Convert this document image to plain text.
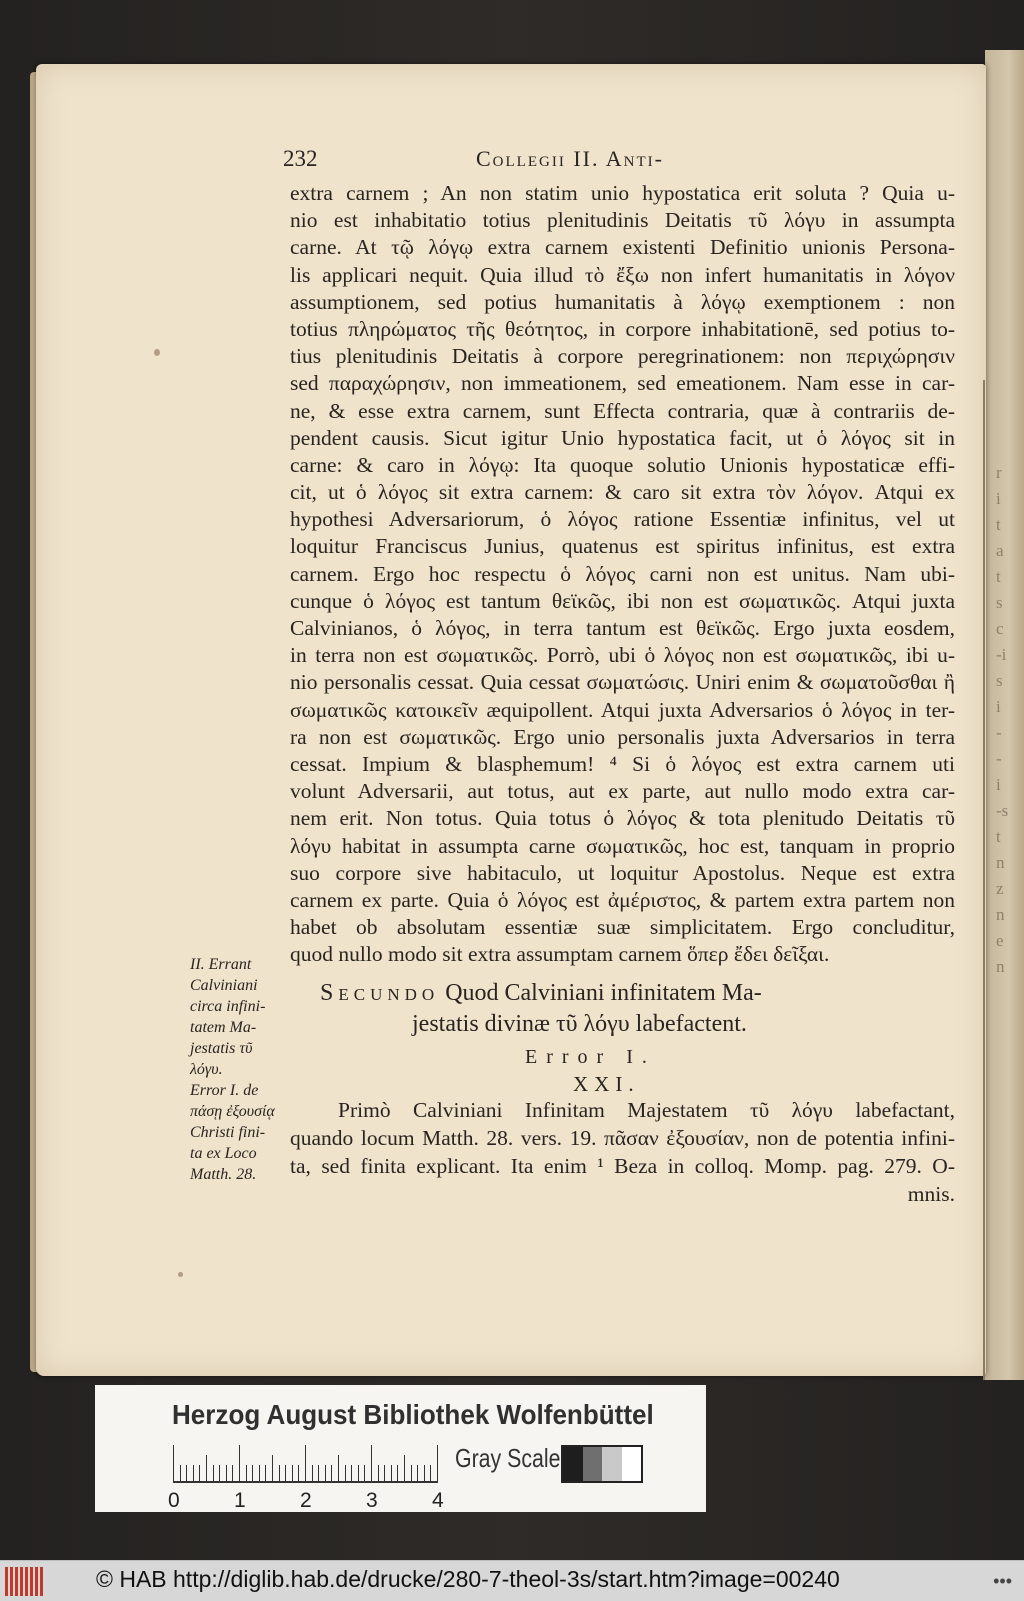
r
i
t
a
t
s
c
-i
s
i
-
-
i
-s
t
n
z
n
e
n
232	Collegii II. Anti-
extra carnem ; An non statim unio hypostatica erit soluta ? Quia u-
nio est inhabitatio totius plenitudinis Deitatis τῦ λόγυ in assumpta
carne. At τῷ λόγῳ extra carnem existenti Definitio unionis Persona-
lis applicari nequit. Quia illud τὸ ἔξω non infert humanitatis in λόγον
assumptionem, sed potius humanitatis à λόγῳ exemptionem : non
totius πληρώματος τῆς θεότητος, in corpore inhabitationē, sed potius to-
tius plenitudinis Deitatis à corpore peregrinationem: non περιχώρησιν
sed παραχώρησιν, non immeationem, sed emeationem. Nam esse in car-
ne, & esse extra carnem, sunt Effecta contraria, quæ à contrariis de-
pendent causis. Sicut igitur Unio hypostatica facit, ut ὁ λόγος sit in
carne: & caro in λόγῳ: Ita quoque solutio Unionis hypostaticæ effi-
cit, ut ὁ λόγος sit extra carnem: & caro sit extra τὸν λόγον. Atqui ex
hypothesi Adversariorum, ὁ λόγος ratione Essentiæ infinitus, vel ut
loquitur Franciscus Junius, quatenus est spiritus infinitus, est extra
carnem. Ergo hoc respectu ὁ λόγος carni non est unitus. Nam ubi-
cunque ὁ λόγος est tantum θεϊκῶς, ibi non est σωματικῶς. Atqui juxta
Calvinianos, ὁ λόγος, in terra tantum est θεϊκῶς. Ergo juxta eosdem,
in terra non est σωματικῶς. Porrò, ubi ὁ λόγος non est σωματικῶς, ibi u-
nio personalis cessat. Quia cessat σωματώσις. Uniri enim & σωματοῦσθαι ἢ
σωματικῶς κατοικεῖν æquipollent. Atqui juxta Adversarios ὁ λόγος in ter-
ra non est σωματικῶς. Ergo unio personalis juxta Adversarios in terra
cessat. Impium & blasphemum! ⁴ Si ὁ λόγος est extra carnem uti
volunt Adversarii, aut totus, aut ex parte, aut nullo modo extra car-
nem erit. Non totus. Quia totus ὁ λόγος & tota plenitudo Deitatis τῦ
λόγυ habitat in assumpta carne σωματικῶς, hoc est, tanquam in proprio
suo corpore sive habitaculo, ut loquitur Apostolus. Neque est extra
carnem ex parte. Quia ὁ λόγος est ἀμέριστος, & partem extra partem non
habet ob absolutam essentiæ suæ simplicitatem. Ergo concluditur,
quod nullo modo sit extra assumptam carnem ὅπερ ἔδει δεῖξαι.
II. Errant
Calviniani
circa infini-
tatem Ma-
jestatis τῦ
λόγυ.
Error I. de
πάσῃ ἐξουσίᾳ
Christi fini-
ta ex Loco
Matth. 28.
Secundo Quod Calviniani infinitatem Ma-
jestatis divinæ τῦ λόγυ labefactent.
Error I.
XXI.
Primò Calviniani Infinitam Majestatem τῦ λόγυ labefactant,
quando locum Matth. 28. vers. 19. πᾶσαν ἐξουσίαν, non de potentia infini-
ta, sed finita explicant. Ita enim ¹ Beza in colloq. Momp. pag. 279. O-
mnis.
Herzog August Bibliothek Wolfenbüttel
0	1	2	3	4
Gray Scale
© HAB http://diglib.hab.de/drucke/280-7-theol-3s/start.htm?image=00240	•••
